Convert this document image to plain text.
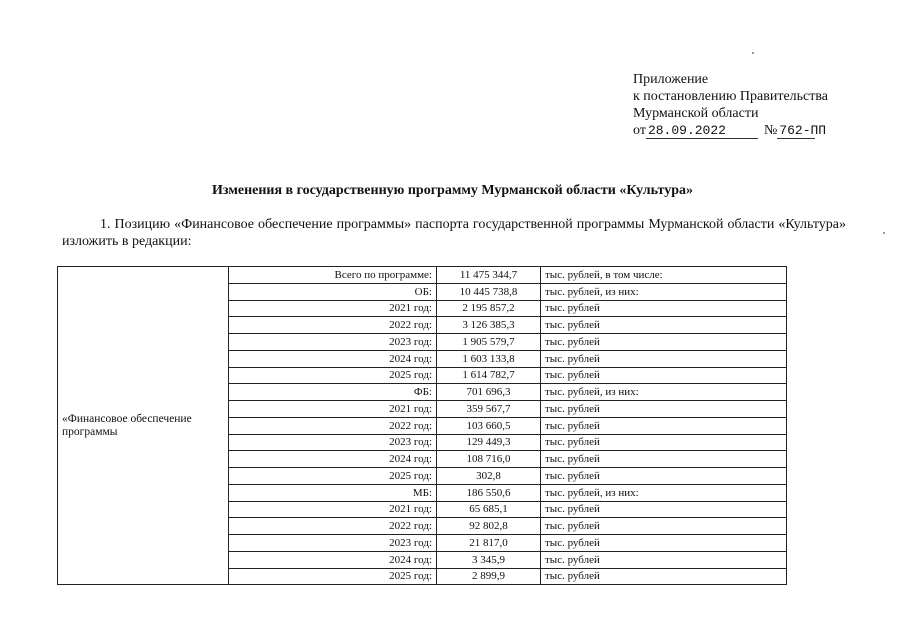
Приложение
к постановлению Правительства
Мурманской области
от 28.09.2022	№ 762-ПП
Изменения в государственную программу Мурманской области «Культура»
1. Позицию «Финансовое обеспечение программы» паспорта государственной программы Мурманской области «Культура» изложить в редакции:
«Финансовое обеспечение программы	Всего по программе:	11 475 344,7	тыс. рублей, в том числе:
	ОБ:	10 445 738,8	тыс. рублей, из них:
	2021 год:	2 195 857,2	тыс. рублей
	2022 год:	3 126 385,3	тыс. рублей
	2023 год:	1 905 579,7	тыс. рублей
	2024 год:	1 603 133,8	тыс. рублей
	2025 год:	1 614 782,7	тыс. рублей
	ФБ:	701 696,3	тыс. рублей, из них:
	2021 год:	359 567,7	тыс. рублей
	2022 год:	103 660,5	тыс. рублей
	2023 год:	129 449,3	тыс. рублей
	2024 год:	108 716,0	тыс. рублей
	2025 год:	302,8	тыс. рублей
	МБ:	186 550,6	тыс. рублей, из них:
	2021 год:	65 685,1	тыс. рублей
	2022 год:	92 802,8	тыс. рублей
	2023 год:	21 817,0	тыс. рублей
	2024 год:	3 345,9	тыс. рублей
	2025 год:	2 899,9	тыс. рублей
